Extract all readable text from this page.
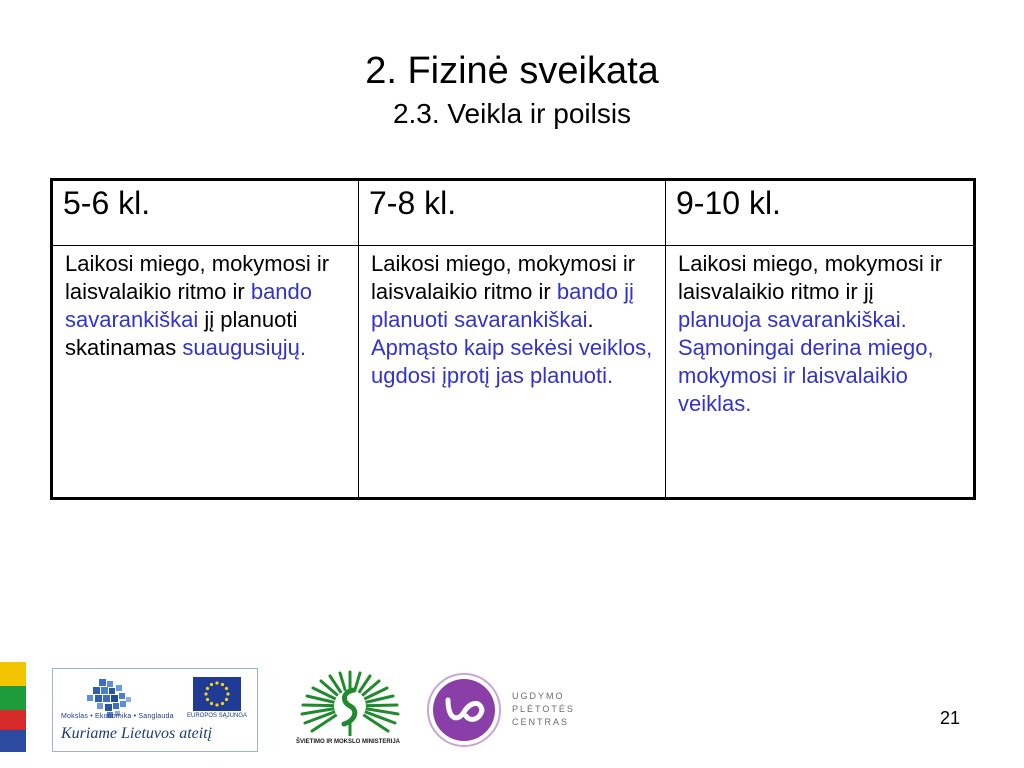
2. Fizinė sveikata
2.3. Veikla ir poilsis
5-6 kl.	7-8 kl.	9-10 kl.
Laikosi miego, mokymosi ir laisvalaikio ritmo ir bando savarankiškai jį planuoti skatinamas suaugusiųjų.	Laikosi miego, mokymosi ir laisvalaikio ritmo ir bando jį planuoti savarankiškai. Apmąsto kaip sekėsi veiklos, ugdosi įprotį jas planuoti.	Laikosi miego, mokymosi ir laisvalaikio ritmo ir jį planuoja savarankiškai. Sąmoningai derina miego, mokymosi ir laisvalaikio veiklas.
Mokslas • Ekonomika • Sanglauda EUROPOS SĄJUNGA
Kuriame Lietuvos ateitį	ŠVIETIMO IR MOKSLO MINISTERIJA
UGDYMO
PLĖTOTĖS
CENTRAS	21
